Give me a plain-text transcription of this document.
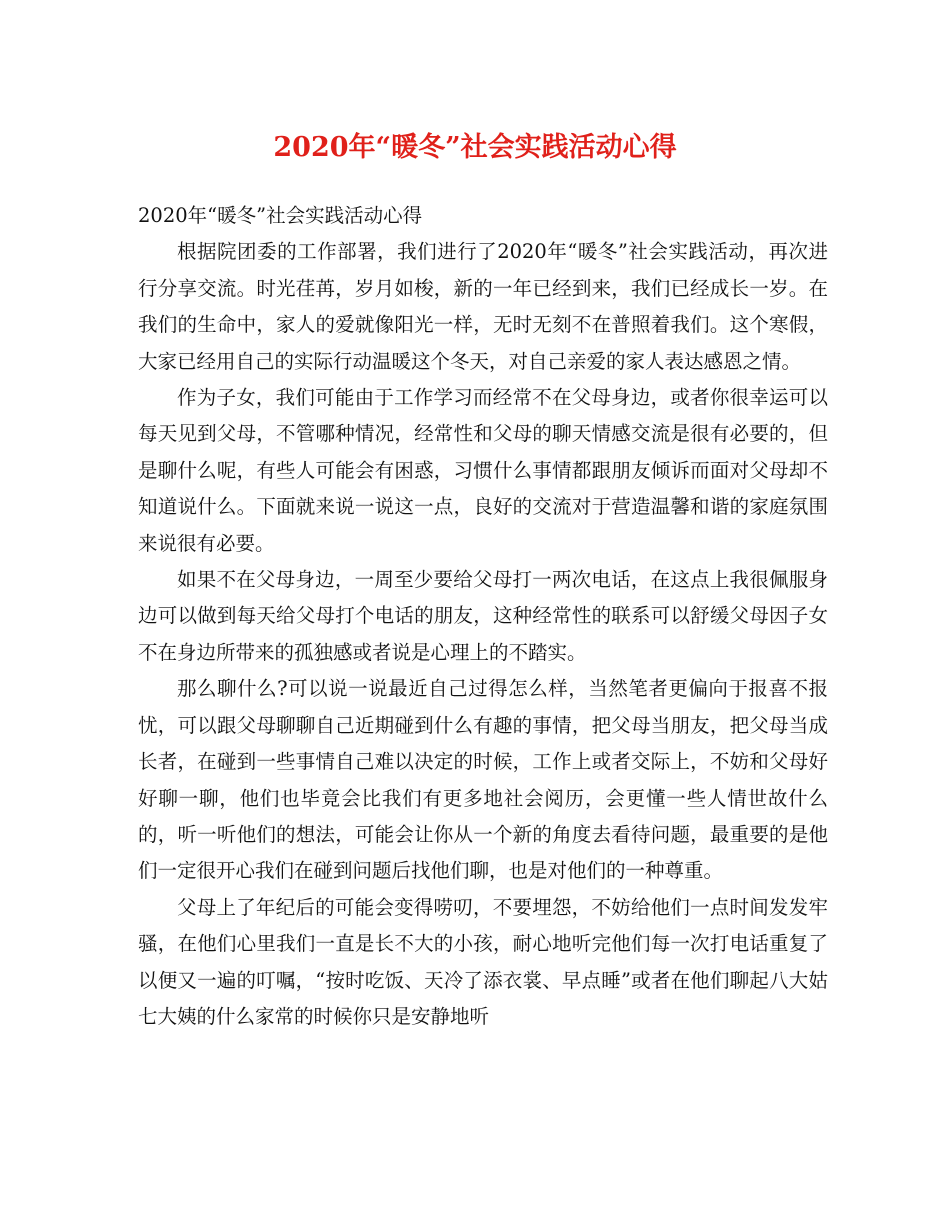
2020年“暖冬”社会实践活动心得

2020年“暖冬”社会实践活动心得

根据院团委的工作部署，我们进行了2020年“暖冬”社会实践活动，再次进行分享交流。时光荏苒，岁月如梭，新的一年已经到来，我们已经成长一岁。在我们的生命中，家人的爱就像阳光一样，无时无刻不在普照着我们。这个寒假，大家已经用自己的实际行动温暖这个冬天，对自己亲爱的家人表达感恩之情。

作为子女，我们可能由于工作学习而经常不在父母身边，或者你很幸运可以每天见到父母，不管哪种情况，经常性和父母的聊天情感交流是很有必要的，但是聊什么呢，有些人可能会有困惑，习惯什么事情都跟朋友倾诉而面对父母却不知道说什么。下面就来说一说这一点，良好的交流对于营造温馨和谐的家庭氛围来说很有必要。

如果不在父母身边，一周至少要给父母打一两次电话，在这点上我很佩服身边可以做到每天给父母打个电话的朋友，这种经常性的联系可以舒缓父母因子女不在身边所带来的孤独感或者说是心理上的不踏实。

那么聊什么?可以说一说最近自己过得怎么样，当然笔者更偏向于报喜不报忧，可以跟父母聊聊自己近期碰到什么有趣的事情，把父母当朋友，把父母当成长者，在碰到一些事情自己难以决定的时候，工作上或者交际上，不妨和父母好好聊一聊，他们也毕竟会比我们有更多地社会阅历，会更懂一些人情世故什么的，听一听他们的想法，可能会让你从一个新的角度去看待问题，最重要的是他们一定很开心我们在碰到问题后找他们聊，也是对他们的一种尊重。

父母上了年纪后的可能会变得唠叨，不要埋怨，不妨给他们一点时间发发牢骚，在他们心里我们一直是长不大的小孩，耐心地听完他们每一次打电话重复了以便又一遍的叮嘱，“按时吃饭、天冷了添衣裳、早点睡”或者在他们聊起八大姑七大姨的什么家常的时候你只是安静地听
